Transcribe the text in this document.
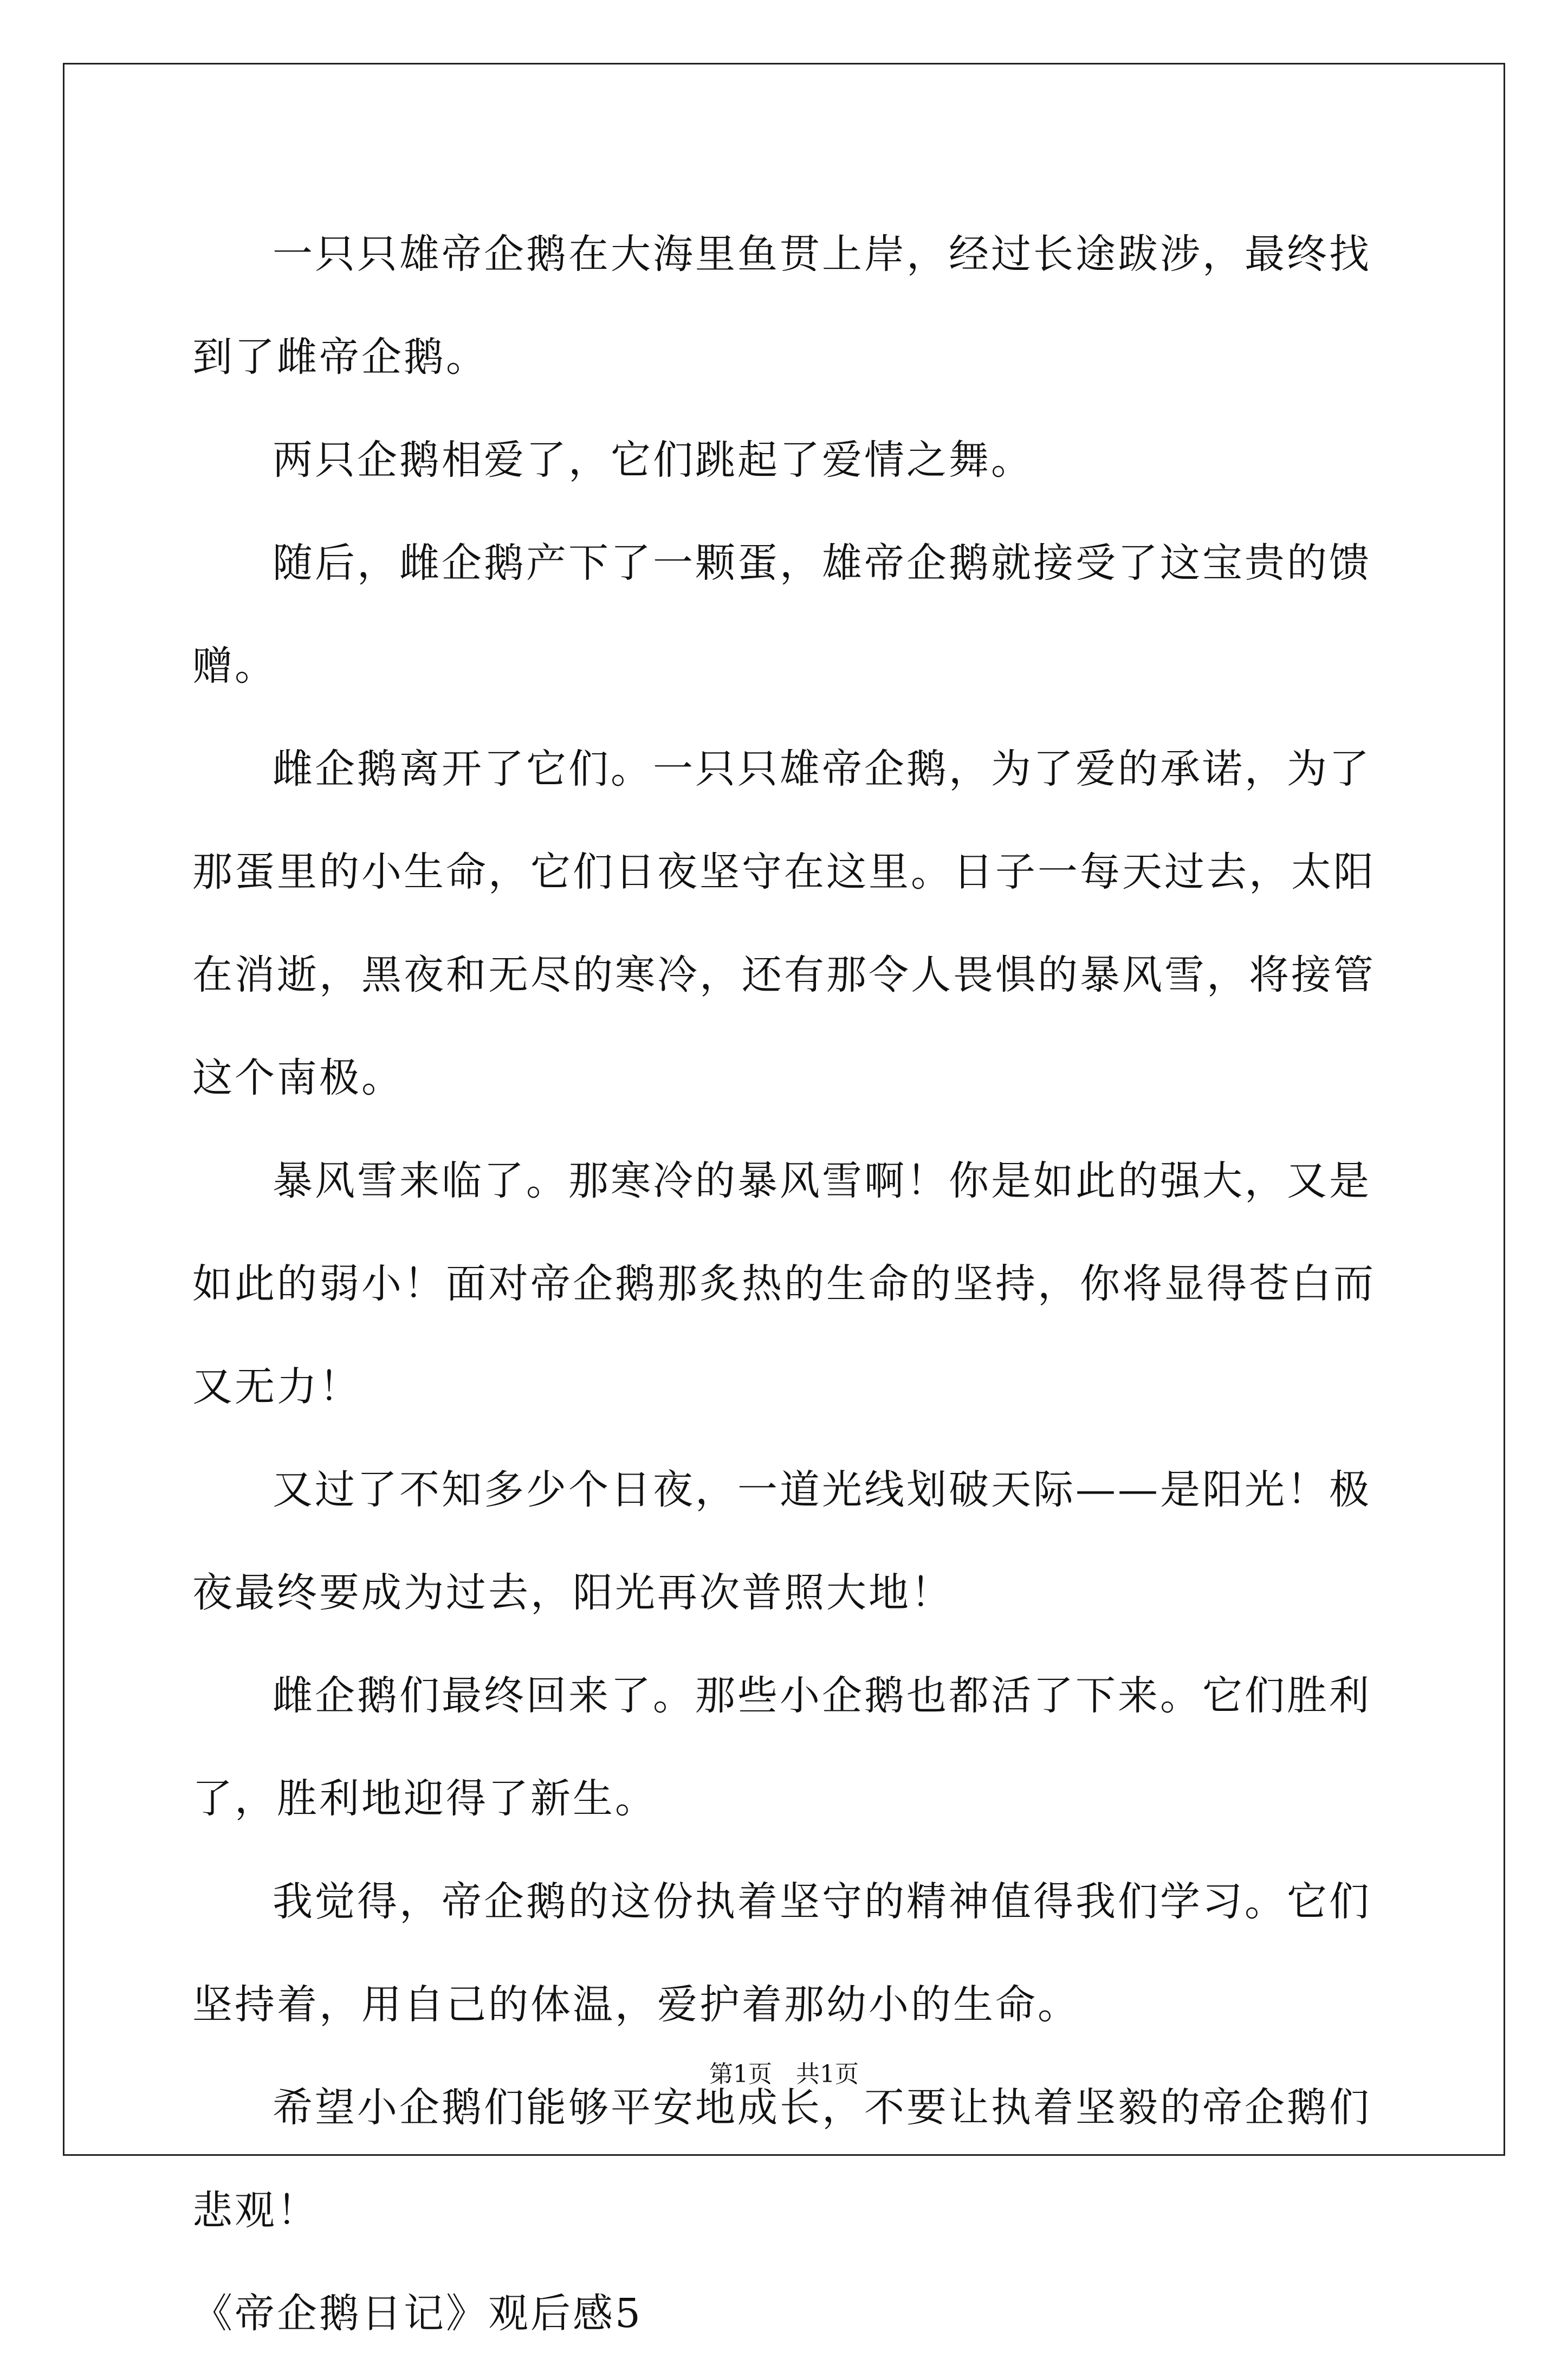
一只只雄帝企鹅在大海里鱼贯上岸，经过长途跋涉，最终找到了雌帝企鹅。

两只企鹅相爱了，它们跳起了爱情之舞。

随后，雌企鹅产下了一颗蛋，雄帝企鹅就接受了这宝贵的馈赠。

雌企鹅离开了它们。一只只雄帝企鹅，为了爱的承诺，为了那蛋里的小生命，它们日夜坚守在这里。日子一每天过去，太阳在消逝，黑夜和无尽的寒冷，还有那令人畏惧的暴风雪，将接管这个南极。

暴风雪来临了。那寒冷的暴风雪啊！你是如此的强大，又是如此的弱小！面对帝企鹅那炙热的生命的坚持，你将显得苍白而又无力！

又过了不知多少个日夜，一道光线划破天际——是阳光！极夜最终要成为过去，阳光再次普照大地！

雌企鹅们最终回来了。那些小企鹅也都活了下来。它们胜利了，胜利地迎得了新生。

我觉得，帝企鹅的这份执着坚守的精神值得我们学习。它们坚持着，用自己的体温，爱护着那幼小的生命。

希望小企鹅们能够平安地成长，不要让执着坚毅的帝企鹅们悲观！

《帝企鹅日记》观后感5

第1页　共1页
